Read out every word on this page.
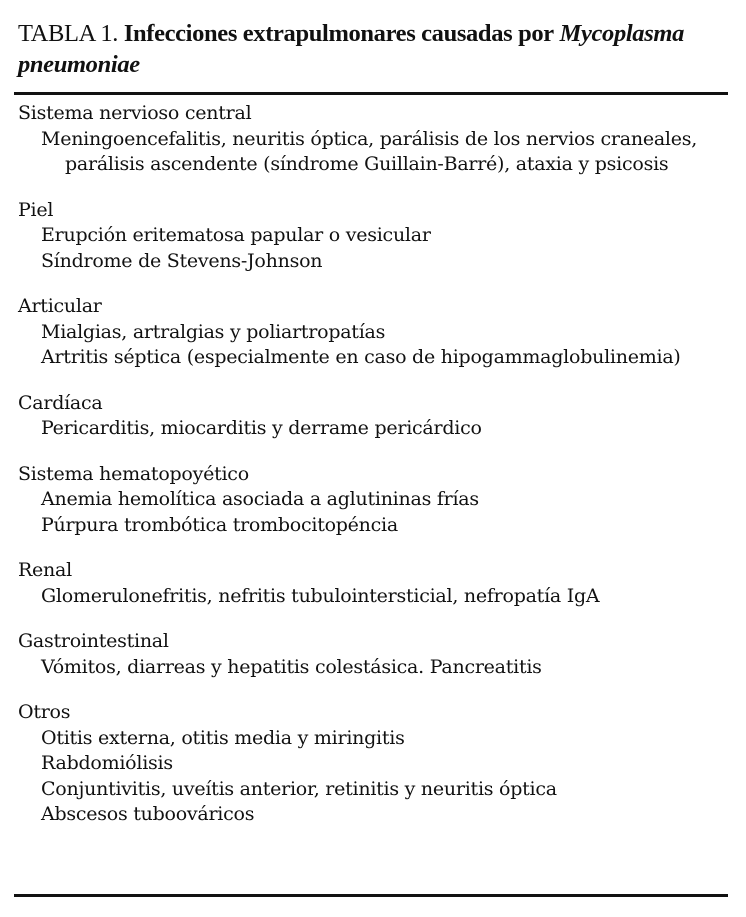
TABLA 1. Infecciones extrapulmonares causadas por Mycoplasma pneumoniae
Sistema nervioso central
Meningoencefalitis, neuritis óptica, parálisis de los nervios craneales, parálisis ascendente (síndrome Guillain-Barré), ataxia y psicosis
Piel
Erupción eritematosa papular o vesicular
Síndrome de Stevens-Johnson
Articular
Mialgias, artralgias y poliartropatías
Artritis séptica (especialmente en caso de hipogammaglobulinemia)
Cardíaca
Pericarditis, miocarditis y derrame pericárdico
Sistema hematopoyético
Anemia hemolítica asociada a aglutininas frías
Púrpura trombótica trombocitopéncia
Renal
Glomerulonefritis, nefritis tubulointersticial, nefropatía IgA
Gastrointestinal
Vómitos, diarreas y hepatitis colestásica. Pancreatitis
Otros
Otitis externa, otitis media y miringitis
Rabdomiólisis
Conjuntivitis, uveítis anterior, retinitis y neuritis óptica
Abscesos tuboováricos
